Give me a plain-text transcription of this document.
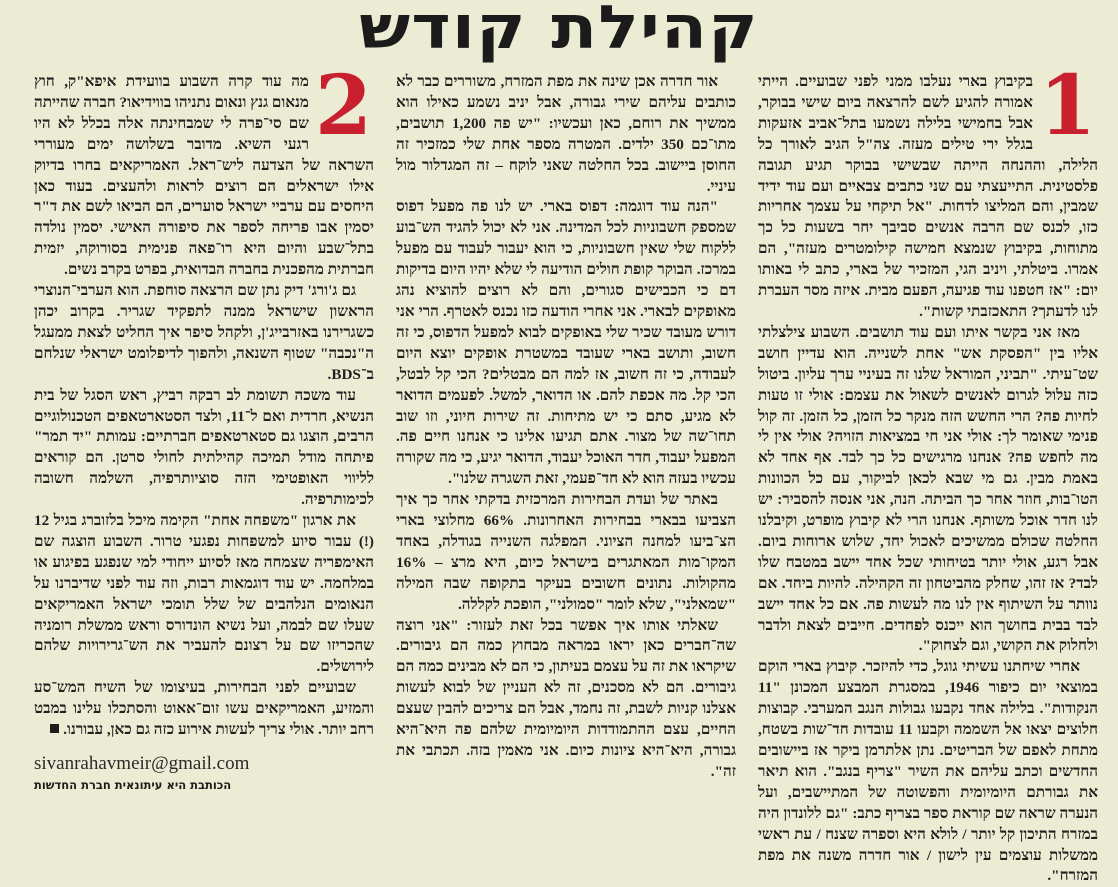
קהילת קודש
1

בקיבוץ בארי נעלבו ממני לפני שבועיים. הייתי אמורה להגיע לשם להרצאה ביום שישי בבוקר, אבל בחמישי בלילה נשמעו בתל־אביב אזעקות בגלל ירי טילים מעזה. צה"ל הגיב לאורך כל הלילה, וההנחה הייתה שבשישי בבוקר תגיע תגובה פלסטינית. התייעצתי עם שני כתבים צבאיים ועם עוד ידיד שמבין, והם המליצו לדחות. "אל תיקחי על עצמך אחריות כזו, לכנס שם הרבה אנשים סביבך יחר בשעות כל כך מתוחות, בקיבוץ שנמצא חמישה קילומטרים מעזה", הם אמרו. ביטלתי, ויניב הגי, המזכיר של בארי, כתב לי באותו יום: "אז חטפנו עוד פגיעה, הפעם מבית. איזה מסר העברת לנו לדעתך? התאכזבתי קשות".

מאז אני בקשר איתו ועם עוד תושבים. השבוע צילצלתי אליו בין "הפסקת אש" אחת לשנייה. הוא עדיין חושב שט־עיתי. "תביני, המוראל שלנו זה בעיניי ערך עליון. ביטול כזה עלול לגרום לאנשים לשאול את עצמם: אולי זו טעות לחיות פה? הרי החשש הזה מנקר כל הזמן, כל הזמן. זה קול פנימי שאומר לך: אולי אני חי במציאות הזויה? אולי אין לי מה לחפש פה? אנחנו מרגישים כל כך לבד. אף אחד לא באמת מבין. גם מי שבא לכאן לביקור, עם כל הכוונות הטו־בות, חוזר אחר כך הביתה. הנה, אני אנסה להסביר: יש לנו חדר אוכל משותף. אנחנו הרי לא קיבוץ מופרט, וקיבלנו החלטה שכולם ממשיכים לאכול יחד, שלוש ארוחות ביום. אבל רגע, אולי יותר בטיחותי שכל אחד יישב במטבח שלו לבד? אז זהו, שחלק מהביטחון זה הקהילה. להיות ביחד. אם נוותר על השיתוף אין לנו מה לעשות פה. אם כל אחד יישב לבד בבית בחושך הוא ייכנס לפחדים. חייבים לצאת ולדבר ולחלוק את הקושי, וגם לצחוק".

אחרי שיחתנו עשיתי גוגל, כדי להיזכר. קיבוץ בארי הוקם במוצאי יום כיפור 1946, במסגרת המבצע המכונן "11 הנקודות". בלילה אחד נקבעו גבולות הנגב המערבי. קבוצות חלוצים יצאו אל השממה וקבעו 11 עובדות חד־שות בשטח, מתחת לאפם של הבריטים. נתן אלתרמן ביקר אז ביישובים החדשים וכתב עליהם את השיר "צריף בנגב". הוא תיאר את גבורתם היומיומית והפשוטה של המתיישבים, ועל הנערה שראה שם קוראת ספר בצריף כתב: "גם ללונדון היה במזרח התיכון קל יותר / לולא היא וספרה שצנח / עת ראשי ממשלות עוצמים עין לישון / אור חדרה משנה את מפת המזרח".

אור חדרה אכן שינה את מפת המזרח, משוררים כבר לא כותבים עליהם שירי גבורה, אבל יניב נשמע כאילו הוא ממשיך את רוחם, כאן ועכשיו: "יש פה 1,200 תושבים, מתו־כם 350 ילדים. המטרה מספר אחת שלי כמזכיר זה החוסן ביישוב. בכל החלטה שאני לוקח – זה המגדלור מול עיניי.

"הנה עוד דוגמה: דפוס בארי. יש לנו פה מפעל דפוס שמספק חשבוניות לכל המדינה. אני לא יכול להגיד הש־בוע ללקוח שלי שאין חשבוניות, כי הוא יעבור לעבוד עם מפעל במרכז. הבוקר קופת חולים הודיעה לי שלא יהיו היום בדיקות דם כי הכבישים סגורים, והם לא רוצים להוציא נהג מאופקים לבארי. אני אחרי הודעה כזו נכנס לאטרף. הרי אני דורש מעובד שכיר שלי באופקים לבוא למפעל הדפוס, כי זה חשוב, ותושב בארי שעובד במשטרת אופקים יוצא היום לעבודה, כי זה חשוב, אז למה הם מבטלים? הכי קל לבטל, הכי קל. מה אכפת להם. או הדואר, למשל. לפעמים הדואר לא מגיע, סתם כי יש מתיחות. זה שירות חיוני, וזו שוב תחו־שה של מצור. אתם תגיעו אלינו כי אנחנו חיים פה. המפעל יעבוד, חדר האוכל יעבוד, הדואר יגיע, כי מה שקורה עכשיו בעזה הוא לא חד־פעמי, זאת השגרה שלנו".

באתר של ועדת הבחירות המרכזית בדקתי אחר כך איך הצביעו בבארי בבחירות האחרונות. 66% מחלוצי בארי הצ־ביעו למחנה הציוני. המפלגה השנייה בגודלה, באחד המקו־מות המאתגרים בישראל כיום, היא מרצ – 16% מהקולות. נתונים חשובים בעיקר בתקופה שבה המילה "שמאלני", שלא לומר "סמולני", הופכת לקללה.

שאלתי אותו איך אפשר בכל זאת לעזור: "אני רוצה שה־חברים כאן יראו במראה מבחוץ כמה הם גיבורים. שיקראו את זה על עצמם בעיתון, כי הם לא מבינים כמה הם גיבורים. הם לא מסכנים, זה לא העניין של לבוא לעשות אצלנו קניות לשבת, זה נחמד, אבל הם צריכים להבין שעצם החיים, עצם ההתמודדות היומיומית שלהם פה היא־היא גבורה, היא־היא ציונות כיום. אני מאמין בזה. תכתבי את זה".

2

מה עוד קרה השבוע בוועידת איפא"ק, חוץ מנאום גנץ ונאום נתניהו בווידיאו? חברה שהייתה שם סי־פרה לי שמבחינתה אלה בכלל לא היו רגעי השיא. מדובר בשלושה ימים מעוררי השראה של הצדעה ליש־ראל. האמריקאים בחרו בדיוק אילו ישראלים הם רוצים לראות ולהעצים. בעוד כאן היחסים עם ערביי ישראל סוערים, הם הביאו לשם את ד"ר יסמין אבו פריחה לספר את סיפורה האישי. יסמין נולדה בתל־שבע והיום היא רו־פאה פנימית בסורוקה, יזמית חברתית מהפכנית בחברה הבדואית, בפרט בקרב נשים.

גם ג'ורג' דיק נתן שם הרצאה סוחפת. הוא הערבי־הנוצרי הראשון שישראל ממנה לתפקיד שגריר. בקרוב יכהן כשגרירנו באזרבייג'ן, ולקהל סיפר איך החליט לצאת ממעגל ה"נכבה" שטוף השנאה, ולהפוך לדיפלומט ישראלי שנלחם ב־BDS.

עוד משכה תשומת לב רבקה רביץ, ראש הסגל של בית הנשיא, חרדית ואם ל־11, ולצד הסטארטאפים הטכנולוגיים הרבים, הוצגו גם סטארטאפים חברתיים: עמותת "יד תמר" פיתחה מודל תמיכה קהילתית לחולי סרטן. הם קוראים לליווי האופטימי הזה סוציותרפיה, השלמה חשובה לכימותרפיה.

את ארגון "משפחה אחת" הקימה מיכל בלזוברג בגיל 12 (!) עבור סיוע למשפחות נפגעי טרור. השבוע הוצגה שם האימפריה שצמחה מאז לסיוע ייחודי למי שנפגע בפיגוע או במלחמה. יש עוד דוגמאות רבות, וזה עוד לפני שדיברנו על הנאומים הנלהבים של שלל תומכי ישראל האמריקאים שעלו שם לבמה, ועל נשיא הונדורס וראש ממשלת רומניה שהכריזו שם על רצונם להעביר את הש־גרירויות שלהם לירושלים.

שבועיים לפני הבחירות, בעיצומו של השיח המש־סע והמזיע, האמריקאים עשו זום־אאוט והסתכלו עלינו במבט רחב יותר. אולי צריך לעשות אירוע כזה גם כאן, עבורנו.

sivanrahavmeir@gmail.com
הכותבת היא עיתונאית חברת החדשות
